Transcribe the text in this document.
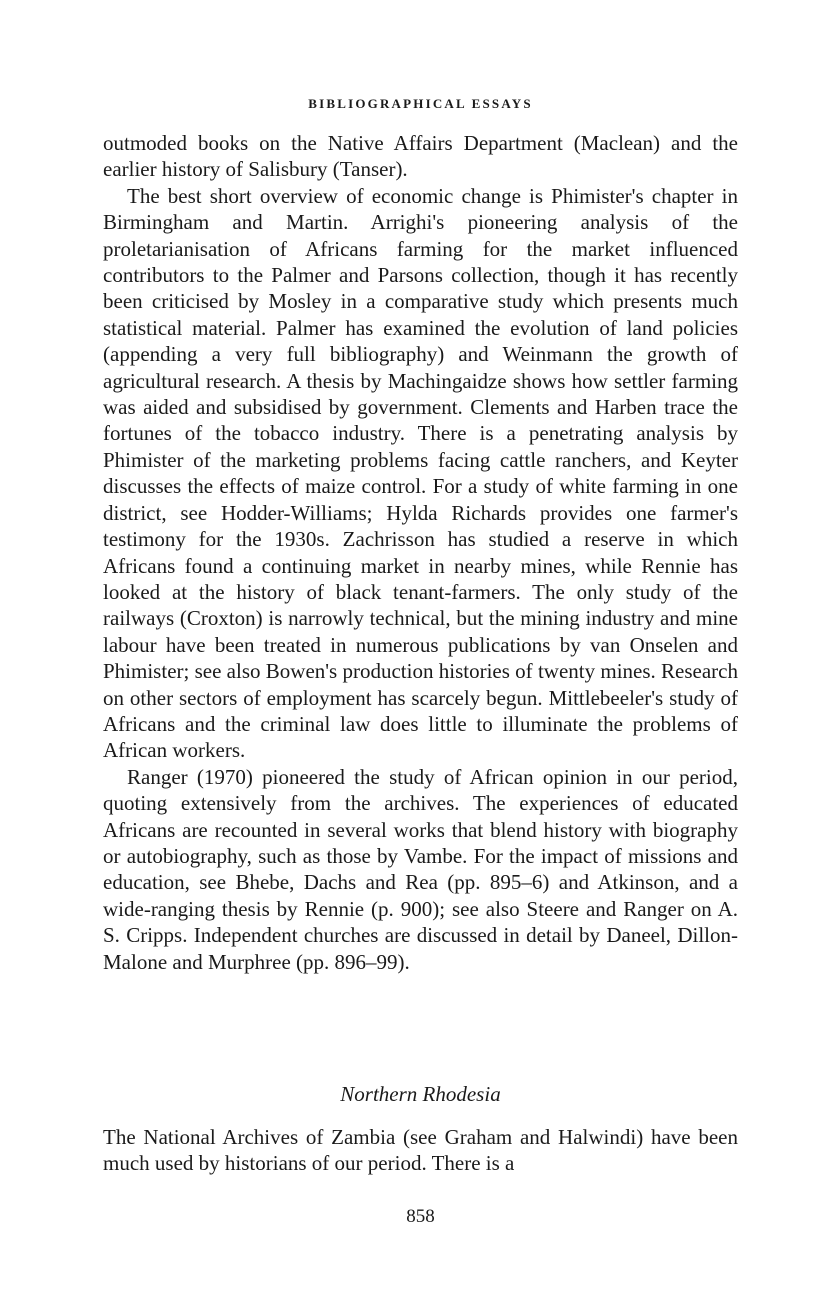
BIBLIOGRAPHICAL ESSAYS

outmoded books on the Native Affairs Department (Maclean) and the earlier history of Salisbury (Tanser).

The best short overview of economic change is Phimister's chapter in Birmingham and Martin. Arrighi's pioneering analysis of the proletarianisation of Africans farming for the market influenced contributors to the Palmer and Parsons collection, though it has recently been criticised by Mosley in a comparative study which presents much statistical material. Palmer has examined the evolution of land policies (appending a very full bibliography) and Weinmann the growth of agricultural research. A thesis by Machingaidze shows how settler farming was aided and subsidised by government. Clements and Harben trace the fortunes of the tobacco industry. There is a penetrating analysis by Phimister of the marketing problems facing cattle ranchers, and Keyter discusses the effects of maize control. For a study of white farming in one district, see Hodder-Williams; Hylda Richards provides one farmer's testimony for the 1930s. Zachrisson has studied a reserve in which Africans found a continuing market in nearby mines, while Rennie has looked at the history of black tenant-farmers. The only study of the railways (Croxton) is narrowly technical, but the mining industry and mine labour have been treated in numerous publications by van Onselen and Phimister; see also Bowen's production histories of twenty mines. Research on other sectors of employment has scarcely begun. Mittlebeeler's study of Africans and the criminal law does little to illuminate the problems of African workers.

Ranger (1970) pioneered the study of African opinion in our period, quoting extensively from the archives. The experiences of educated Africans are recounted in several works that blend history with biography or autobiography, such as those by Vambe. For the impact of missions and education, see Bhebe, Dachs and Rea (pp. 895–6) and Atkinson, and a wide-ranging thesis by Rennie (p. 900); see also Steere and Ranger on A. S. Cripps. Independent churches are discussed in detail by Daneel, Dillon-Malone and Murphree (pp. 896–99).

Northern Rhodesia

The National Archives of Zambia (see Graham and Halwindi) have been much used by historians of our period. There is a

858
